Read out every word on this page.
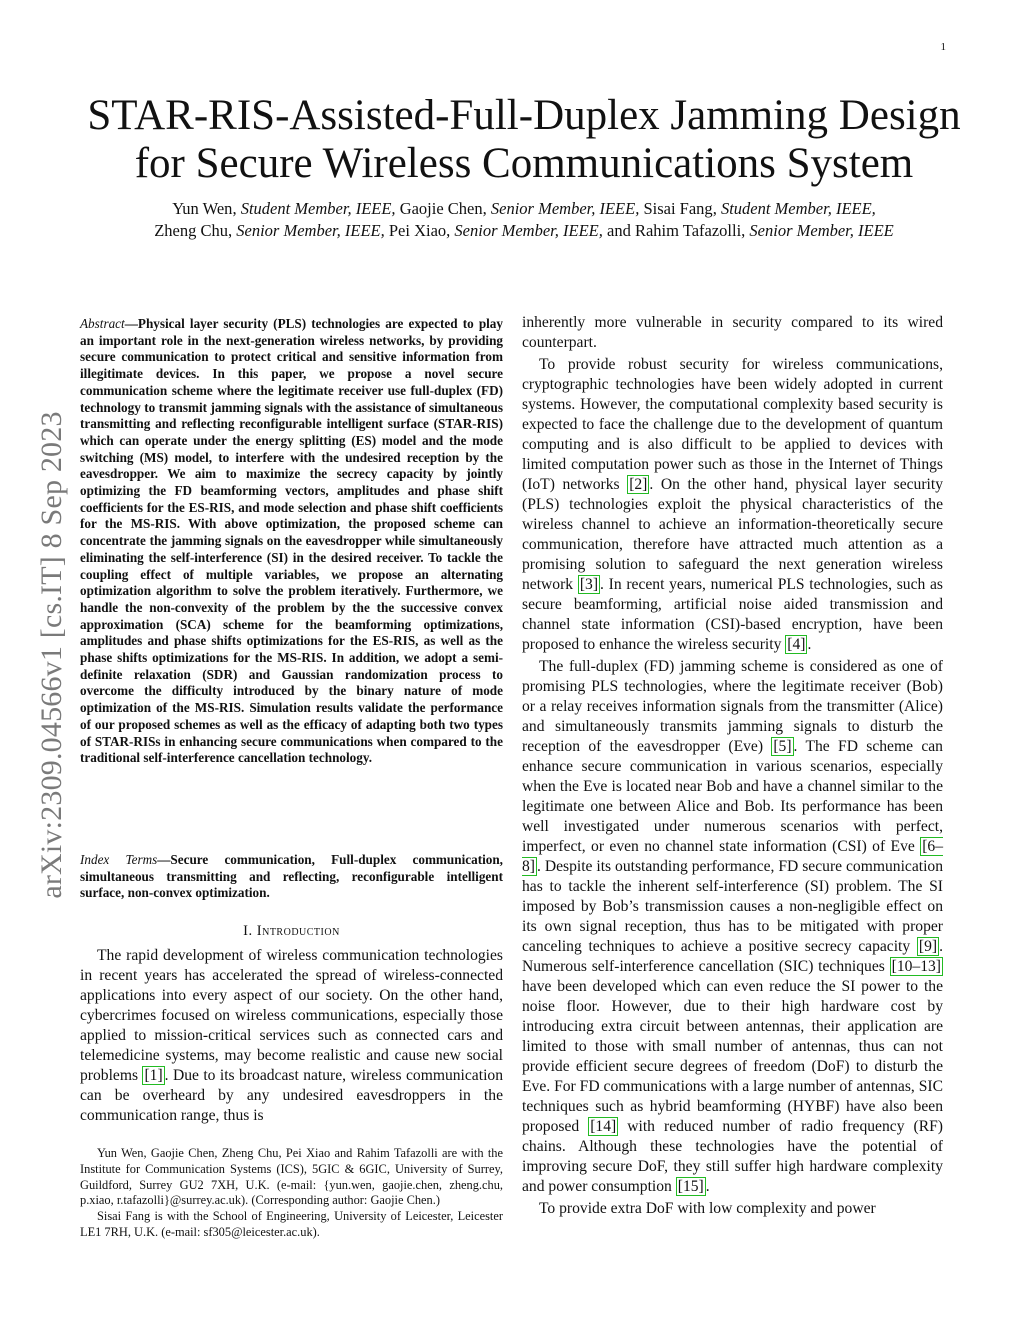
1
arXiv:2309.04566v1 [cs.IT] 8 Sep 2023
STAR-RIS-Assisted-Full-Duplex Jamming Design for Secure Wireless Communications System
Yun Wen, Student Member, IEEE, Gaojie Chen, Senior Member, IEEE, Sisai Fang, Student Member, IEEE,
Zheng Chu, Senior Member, IEEE, Pei Xiao, Senior Member, IEEE, and Rahim Tafazolli, Senior Member, IEEE
Abstract—Physical layer security (PLS) technologies are expected to play an important role in the next-generation wireless networks, by providing secure communication to protect critical and sensitive information from illegitimate devices. In this paper, we propose a novel secure communication scheme where the legitimate receiver use full-duplex (FD) technology to transmit jamming signals with the assistance of simultaneous transmitting and reflecting reconfigurable intelligent surface (STAR-RIS) which can operate under the energy splitting (ES) model and the mode switching (MS) model, to interfere with the undesired reception by the eavesdropper. We aim to maximize the secrecy capacity by jointly optimizing the FD beamforming vectors, amplitudes and phase shift coefficients for the ES-RIS, and mode selection and phase shift coefficients for the MS-RIS. With above optimization, the proposed scheme can concentrate the jamming signals on the eavesdropper while simultaneously eliminating the self-interference (SI) in the desired receiver. To tackle the coupling effect of multiple variables, we propose an alternating optimization algorithm to solve the problem iteratively. Furthermore, we handle the non-convexity of the problem by the the successive convex approximation (SCA) scheme for the beamforming optimizations, amplitudes and phase shifts optimizations for the ES-RIS, as well as the phase shifts optimizations for the MS-RIS. In addition, we adopt a semi-definite relaxation (SDR) and Gaussian randomization process to overcome the difficulty introduced by the binary nature of mode optimization of the MS-RIS. Simulation results validate the performance of our proposed schemes as well as the efficacy of adapting both two types of STAR-RISs in enhancing secure communications when compared to the traditional self-interference cancellation technology.
Index Terms—Secure communication, Full-duplex communication, simultaneous transmitting and reflecting, reconfigurable intelligent surface, non-convex optimization.
I. Introduction
The rapid development of wireless communication technologies in recent years has accelerated the spread of wireless-connected applications into every aspect of our society. On the other hand, cybercrimes focused on wireless communications, especially those applied to mission-critical services such as connected cars and telemedicine systems, may become realistic and cause new social problems [1] . Due to its broadcast nature, wireless communication can be overheard by any undesired eavesdroppers in the communication range, thus is

Yun Wen, Gaojie Chen, Zheng Chu, Pei Xiao and Rahim Tafazolli are with the Institute for Communication Systems (ICS), 5GIC & 6GIC, University of Surrey, Guildford, Surrey GU2 7XH, U.K. (e-mail: {yun.wen, gaojie.chen, zheng.chu, p.xiao, r.tafazolli}@surrey.ac.uk). (Corresponding author: Gaojie Chen.)

Sisai Fang is with the School of Engineering, University of Leicester, Leicester LE1 7RH, U.K. (e-mail: sf305@leicester.ac.uk).

inherently more vulnerable in security compared to its wired counterpart.

To provide robust security for wireless communications, cryptographic technologies have been widely adopted in current systems. However, the computational complexity based security is expected to face the challenge due to the development of quantum computing and is also difficult to be applied to devices with limited computation power such as those in the Internet of Things (IoT) networks [2] . On the other hand, physical layer security (PLS) technologies exploit the physical characteristics of the wireless channel to achieve an information-theoretically secure communication, therefore have attracted much attention as a promising solution to safeguard the next generation wireless network [3] . In recent years, numerical PLS technologies, such as secure beamforming, artificial noise aided transmission and channel state information (CSI)-based encryption, have been proposed to enhance the wireless security [4] .

The full-duplex (FD) jamming scheme is considered as one of promising PLS technologies, where the legitimate receiver (Bob) or a relay receives information signals from the transmitter (Alice) and simultaneously transmits jamming signals to disturb the reception of the eavesdropper (Eve) [5] . The FD scheme can enhance secure communication in various scenarios, especially when the Eve is located near Bob and have a channel similar to the legitimate one between Alice and Bob. Its performance has been well investigated under numerous scenarios with perfect, imperfect, or even no channel state information (CSI) of Eve [6–8] . Despite its outstanding performance, FD secure communication has to tackle the inherent self-interference (SI) problem. The SI imposed by Bob’s transmission causes a non-negligible effect on its own signal reception, thus has to be mitigated with proper canceling techniques to achieve a positive secrecy capacity [9] . Numerous self-interference cancellation (SIC) techniques [10–13] have been developed which can even reduce the SI power to the noise floor. However, due to their high hardware cost by introducing extra circuit between antennas, their application are limited to those with small number of antennas, thus can not provide efficient secure degrees of freedom (DoF) to disturb the Eve. For FD communications with a large number of antennas, SIC techniques such as hybrid beamforming (HYBF) have also been proposed [14] with reduced number of radio frequency (RF) chains. Although these technologies have the potential of improving secure DoF, they still suffer high hardware complexity and power consumption [15] .

To provide extra DoF with low complexity and power
